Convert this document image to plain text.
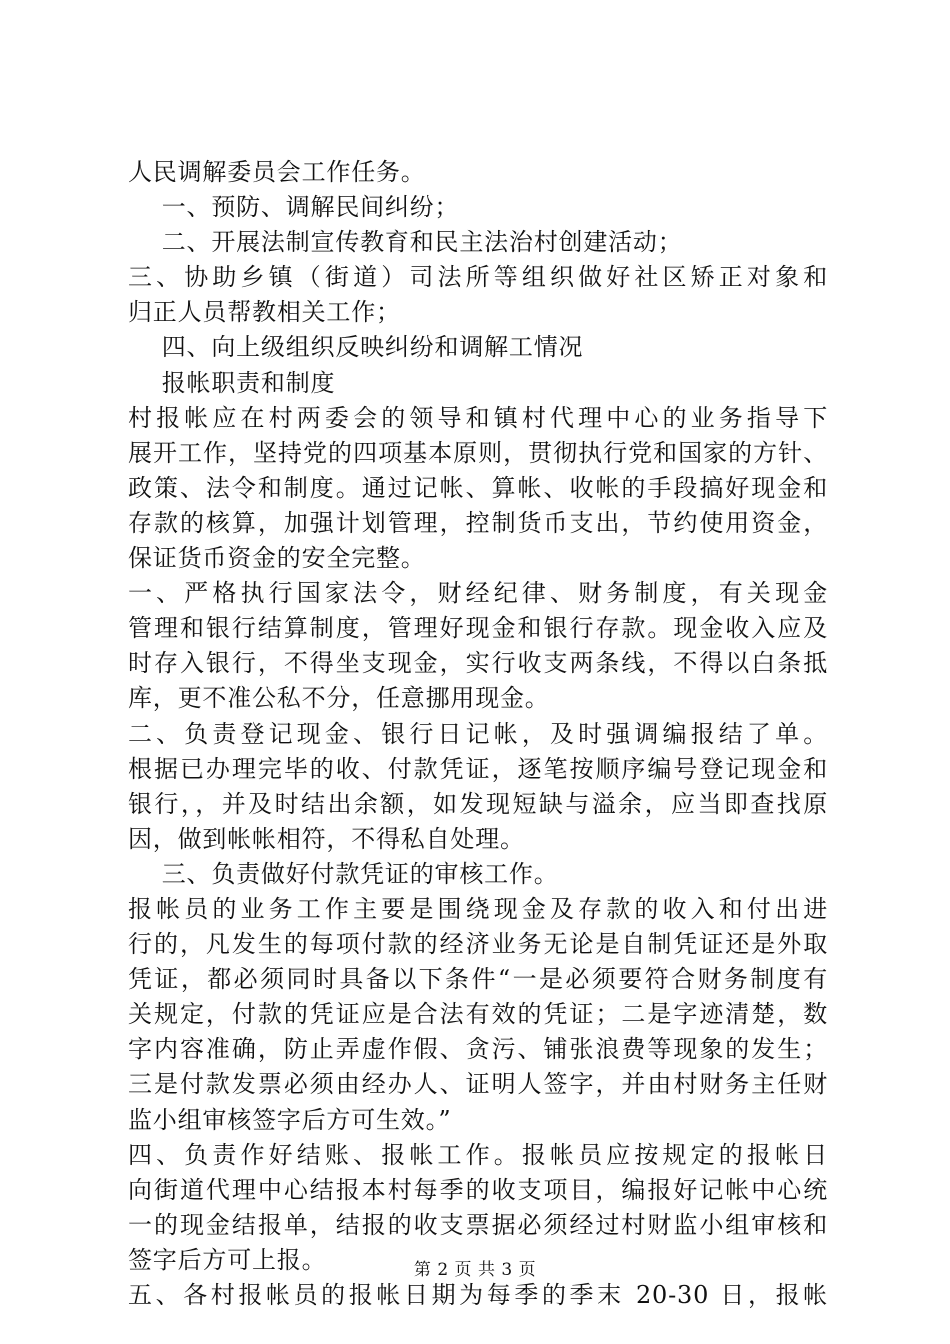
人民调解委员会工作任务。
一、预防、调解民间纠纷；
二、开展法制宣传教育和民主法治村创建活动；
三、协助乡镇（街道）司法所等组织做好社区矫正对象和
归正人员帮教相关工作；
四、向上级组织反映纠纷和调解工情况
报帐职责和制度
村报帐应在村两委会的领导和镇村代理中心的业务指导下
展开工作，坚持党的四项基本原则，贯彻执行党和国家的方针、
政策、法令和制度。通过记帐、算帐、收帐的手段搞好现金和
存款的核算，加强计划管理，控制货币支出，节约使用资金，
保证货币资金的安全完整。
一、严格执行国家法令，财经纪律、财务制度，有关现金
管理和银行结算制度，管理好现金和银行存款。现金收入应及
时存入银行，不得坐支现金，实行收支两条线，不得以白条抵
库，更不准公私不分，任意挪用现金。
二、负责登记现金、银行日记帐，及时强调编报结了单。
根据已办理完毕的收、付款凭证，逐笔按顺序编号登记现金和
银行，，并及时结出余额，如发现短缺与溢余，应当即查找原
因，做到帐帐相符，不得私自处理。
三、负责做好付款凭证的审核工作。
报帐员的业务工作主要是围绕现金及存款的收入和付出进
行的，凡发生的每项付款的经济业务无论是自制凭证还是外取
凭证，都必须同时具备以下条件“一是必须要符合财务制度有
关规定，付款的凭证应是合法有效的凭证；二是字迹清楚，数
字内容准确，防止弄虚作假、贪污、铺张浪费等现象的发生；
三是付款发票必须由经办人、证明人签字，并由村财务主任财
监小组审核签字后方可生效。”
四、负责作好结账、报帐工作。报帐员应按规定的报帐日
向街道代理中心结报本村每季的收支项目，编报好记帐中心统
一的现金结报单，结报的收支票据必须经过村财监小组审核和
签字后方可上报。
五、各村报帐员的报帐日期为每季的季末 20-30 日，报帐
第 2 页 共 3 页
